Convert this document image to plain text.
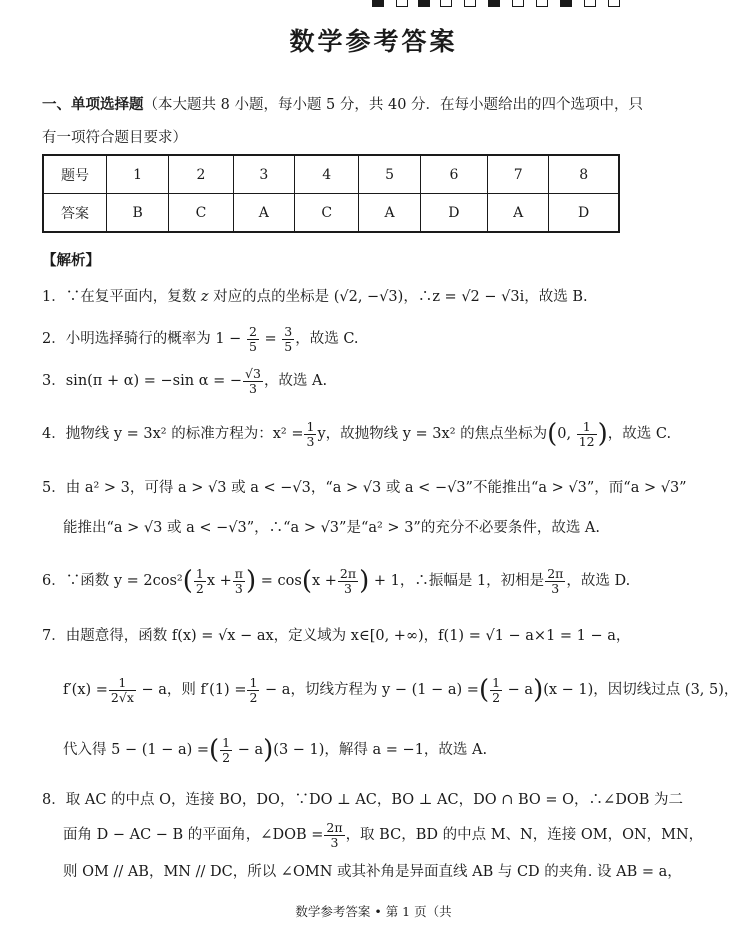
数学参考答案
一、单项选择题（本大题共 8 小题，每小题 5 分，共 40 分．在每小题给出的四个选项中，只
有一项符合题目要求）
题号	1	2	3	4	5	6	7	8
答案	B	C	A	C	A	D	A	D
【解析】
1．∵在复平面内，复数 z 对应的点的坐标是 (√2, −√3)，∴z = √2 − √3i，故选 B.
2．小明选择骑行的概率为 $1 - \frac{2}{5} = \frac{3}{5}$ ，故选 C.
3．sin(π + α) = −sin α = − $\frac{√3}{3}$ ，故选 A.
4．抛物线 y = 3x² 的标准方程为：$x^2 = \frac{1}{3}$ y，故抛物线 y = 3x² 的焦点坐标为(0, $\frac{1}{12}$ )，故选 C.
5．由 a² > 3，可得 a > √3 或 a < −√3，“a > √3 或 a < −√3”不能推出“a > √3”，而“a > √3”
能推出“a > √3 或 a < −√3”，∴“a > √3”是“a² > 3”的充分不必要条件，故选 A.
6．∵函数 $y = 2\cos^2( \frac{1}{2}$ $x + \frac{\pi}{3}$ ) = $\cos(x + \frac{2\pi}{3}$ ) + 1，∴振幅是 1，初相是 $\frac{2\pi}{3}$ ，故选 D.
7．由题意得，函数 f(x) = √x − ax，定义域为 x∈[0, +∞)，f(1) = √1 − a×1 = 1 − a，
$f'(x) = \frac{1}{2√x} - a$，则 $f'(1) = \frac{1}{2} - a$，切线方程为 y − (1 − a) =( $\frac{1}{2} - a)(x - 1)$，因切线过点 (3, 5)，
代入得 5 − (1 − a) =( $\frac{1}{2} - a)(3 - 1)$，解得 a = −1，故选 A.
8．取 AC 的中点 O，连接 BO，DO，∵DO ⊥ AC，BO ⊥ AC，DO ∩ BO = O，∴∠DOB 为二
面角 D − AC − B 的平面角，∠DOB = $\frac{2\pi}{3}$ ，取 BC，BD 的中点 M、N，连接 OM，ON，MN，
则 OM // AB，MN // DC，所以 ∠OMN 或其补角是异面直线 AB 与 CD 的夹角. 设 AB = a，
数学参考答案 • 第 1 页（共
